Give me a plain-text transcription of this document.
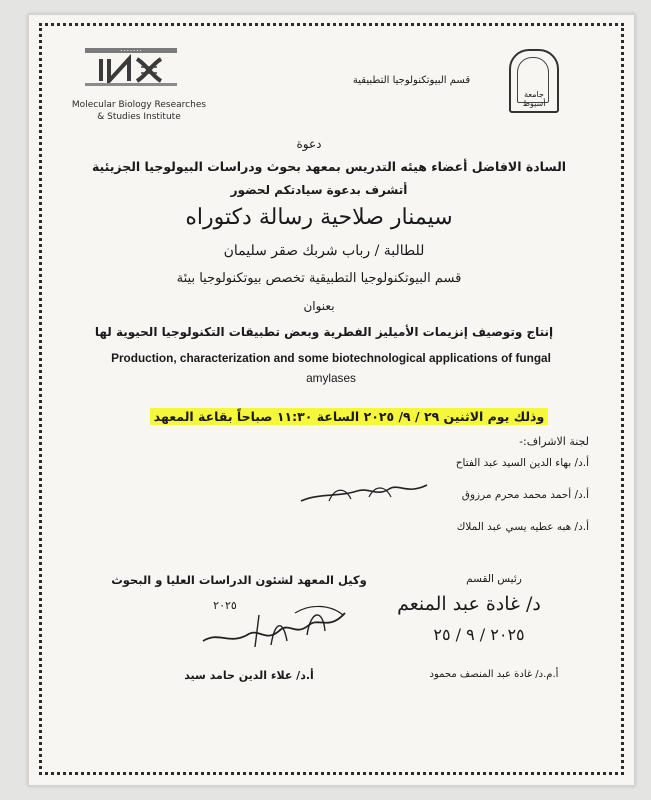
• • • • • • •
Molecular Biology Researches
& Studies Institute
قسم البيوتكنولوجيا التطبيقية
جامعة أسيوط
دعوة
السادة الافاضل أعضاء هيئه التدريس بمعهد بحوث ودراسات البيولوجيا الجزيئية
أتشرف بدعوة سيادتكم لحضور
سيمنار صلاحية رسالة دكتوراه
للطالبة / رباب شربك صقر سليمان
قسم البيوتكنولوجيا التطبيقية تخصص بيوتكنولوجيا بيئة
بعنوان
إنتاج وتوصيف إنزيمات الأميليز الفطرية وبعض تطبيقات التكنولوجيا الحيوية لها
Production, characterization and some biotechnological applications of fungal
amylases
وذلك يوم الاثنين ٢٩ / ٩/ ٢٠٢٥ الساعة ١١:٣٠ صباحاً بقاعة المعهد
لجنة الاشراف:-
أ.د/ بهاء الدين السيد عبد الفتاح
أ.د/ أحمد محمد محرم مرزوق
أ.د/ هبه عطيه يسي عبد الملاك
رئيس القسم
د/ غادة عبد المنعم
٢٠٢٥ / ٩ / ٢٥
أ.م.د/ غادة عبد المنصف محمود
وكيل المعهد لشئون الدراسات العليا و البحوث
٢٠٢٥
أ.د/ علاء الدين حامد سيد
